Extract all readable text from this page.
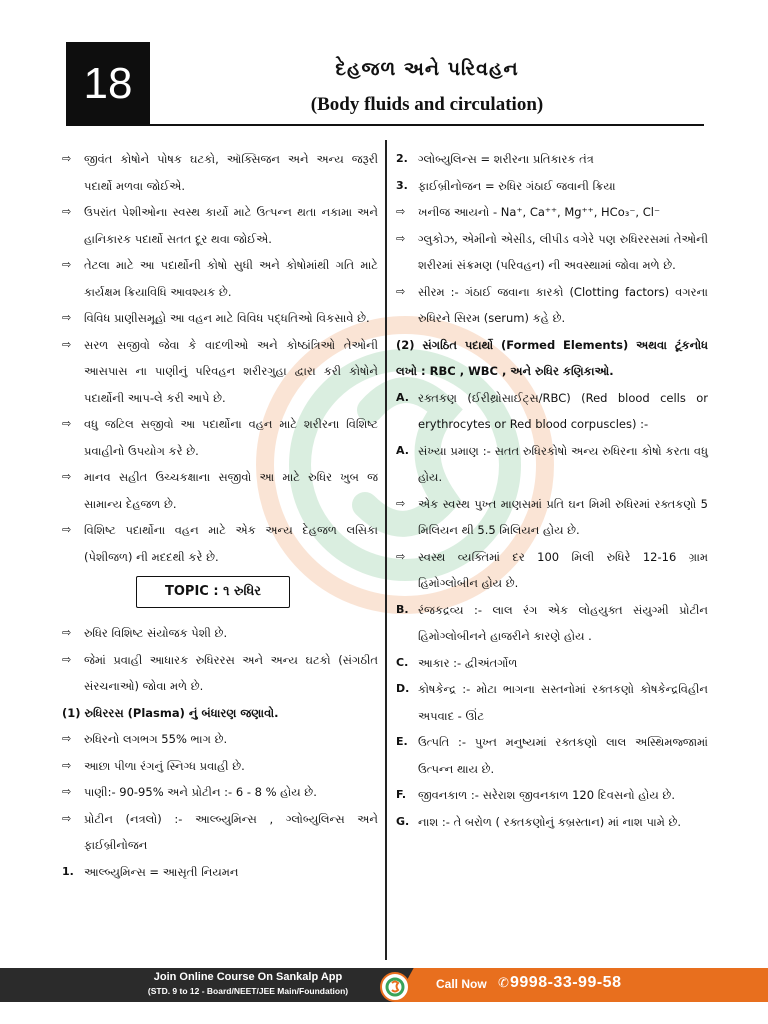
18	દેહજળ અને પરિવહન
(Body fluids and circulation)
⇨	જીવંત કોષોને પોષક ઘટકો, ઑક્સિજન અને અન્ય જરૂરી પદાર્થો મળવા જોઈએ.
⇨	ઉપરાંત પેશીઓના સ્વસ્થ કાર્યો માટે ઉત્પન્ન થતા નકામા અને હાનિકારક પદાર્થો સતત દૂર થવા જોઈએ.
⇨	તેટલા માટે આ પદાર્થોની કોષો સુધી અને કોષોમાંથી ગતિ માટે કાર્યક્ષમ ક્રિયાવિધિ આવશ્યક છે.
⇨	વિવિધ પ્રાણીસમૂહો આ વહન માટે વિવિધ પદ્ધતિઓ વિકસાવે છે.
⇨	સરળ સજીવો જેવા કે વાદળીઓ અને કોષ્ઠાંત્રિઓ તેઓની આસપાસ ના પાણીનું પરિવહન શરીરગુહા દ્વારા કરી કોષોને પદાર્થોની આપ-લે કરી આપે છે.
⇨	વધુ જટિલ સજીવો આ પદાર્થોના વહન માટે શરીરના વિશિષ્ટ પ્રવાહીનો ઉપયોગ કરે છે.
⇨	માનવ સહીત ઉચ્ચકક્ષાના સજીવો આ માટે રુધિર ખુબ જ સામાન્ય દેહજળ છે.
⇨	વિશિષ્ટ પદાર્થોના વહન માટે એક અન્ય દેહજળ લસિકા (પેશીજળ) ની મદદથી કરે છે.
TOPIC : ૧ રુધિર
⇨	રુધિર વિશિષ્ટ સંયોજક પેશી છે.
⇨	જેમાં પ્રવાહી આધારક રુધિરરસ અને અન્ય ઘટકો (સંગઠીત સંરચનાઓ) જોવા મળે છે.
(1) રુધિરરસ (Plasma) નું બંધારણ જણાવો.
⇨	રુધિરનો લગભગ 55% ભાગ છે.
⇨	આછા પીળા રંગનું સ્નિગ્ધ પ્રવાહી છે.
⇨	પાણી:- 90-95% અને પ્રોટીન :- 6 - 8 % હોય છે.
⇨	પ્રોટીન (નત્રલો) :- આલ્બ્યુમિન્સ , ગ્લોબ્યુલિન્સ અને ફાઈબ્રીનોજન
1. આલ્બ્યુમિન્સ = આસૃતી નિયમન
2. ગ્લોબ્યુલિન્સ = શરીરના પ્રતિકારક તંત્ર
3. ફાઈબ્રીનોજન = રુધિર ગંઠાઈ જવાની ક્રિયા
⇨	ખનીજ આયનો - Na⁺, Ca⁺⁺, Mg⁺⁺, HCo₃⁻, Cl⁻
⇨	ગ્લુકોઝ, એમીનો એસીડ, લીપીડ વગેરે પણ રુધિરરસમાં તેઓની શરીરમાં સંક્રમણ (પરિવહન) ની અવસ્થામાં જોવા મળે છે.
⇨	સીરમ :- ગંઠાઈ જવાના કારકો (Clotting factors) વગરના રુધિરને સિરમ (serum) કહે છે.
(2) સંગઠિત પદાર્થો (Formed Elements) અથવા ટૂંકનોધ લખો : RBC , WBC , અને રુધિર કણિકાઓ.
A. રક્તકણ (ઈરીથ્રોસાઈટ્સ/RBC) (Red blood cells or erythrocytes or Red blood corpuscles) :-
A. સંખ્યા પ્રમાણ :- સતત રુધિરકોષો અન્ય રુધિરના કોષો કરતા વધુ હોય.
⇨	એક સ્વસ્થ પુખ્ત માણસમાં પ્રતિ ઘન મિમી રુધિરમાં રક્તકણો 5 મિલિયન થી 5.5 મિલિયન હોય છે.
⇨	સ્વસ્થ વ્યક્તિમાં દર 100 મિલી રુધિરે 12-16 ગ્રામ હિમોગ્લોબીન હોય છે.
B. રંજકદ્રવ્ય :- લાલ રંગ એક લોહયુક્ત સંયુગ્મી પ્રોટીન હિમોગ્લોબીનને હાજરીને કારણે હોય .
C. આકાર :- દ્વીઅંતર્ગોળ
D. કોષકેન્દ્ર :- મોટા ભાગના સસ્તનોમાં રક્તકણો કોષકેન્દ્રવિહીન અપવાદ - ઊંટ
E. ઉત્પતિ :- પુખ્ત મનુષ્યમાં રક્તકણો લાલ અસ્થિમજ્જામાં ઉત્પન્ન થાય છે.
F.	જીવનકાળ :- સરેરાશ જીવનકાળ 120 દિવસનો હોય છે.
G. નાશ :- તે બરોળ ( રક્તકણોનું કબ્રસ્તાન) માં નાશ પામે છે.
Join Online Course On Sankalp App
(STD. 9 to 12 - Board/NEET/JEE Main/Foundation)	Call Now ✆ 9998-33-99-58
